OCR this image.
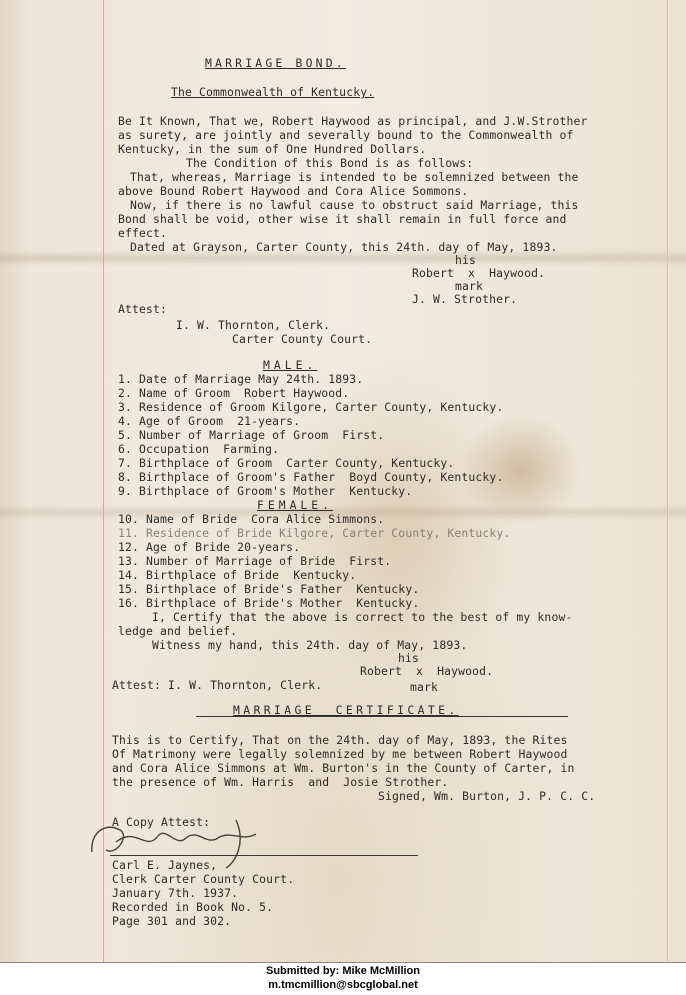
MARRIAGE BOND.
The Commonwealth of Kentucky.
Be It Known, That we, Robert Haywood as principal, and J.W.Strother
as surety, are jointly and severally bound to the Commonwealth of
Kentucky, in the sum of One Hundred Dollars.
The Condition of this Bond is as follows:
That, whereas, Marriage is intended to be solemnized between the
above Bound Robert Haywood and Cora Alice Sommons.
Now, if there is no lawful cause to obstruct said Marriage, this
Bond shall be void, other wise it shall remain in full force and
effect.
Dated at Grayson, Carter County, this 24th. day of May, 1893.
his
Robert  x  Haywood.
mark
J. W. Strother.
Attest:
I. W. Thornton, Clerk.
Carter County Court.
MALE.
1. Date of Marriage May 24th. 1893.
2. Name of Groom  Robert Haywood.
3. Residence of Groom Kilgore, Carter County, Kentucky.
4. Age of Groom  21-years.
5. Number of Marriage of Groom  First.
6. Occupation  Farming.
7. Birthplace of Groom  Carter County, Kentucky.
8. Birthplace of Groom's Father  Boyd County, Kentucky.
9. Birthplace of Groom's Mother  Kentucky.
FEMALE.
10. Name of Bride  Cora Alice Simmons.
11. Residence of Bride Kilgore, Carter County, Kentucky.
12. Age of Bride 20-years.
13. Number of Marriage of Bride  First.
14. Birthplace of Bride  Kentucky.
15. Birthplace of Bride's Father  Kentucky.
16. Birthplace of Bride's Mother  Kentucky.
I, Certify that the above is correct to the best of my know-
ledge and belief.
Witness my hand, this 24th. day of May, 1893.
his
Robert  x  Haywood.
Attest: I. W. Thornton, Clerk.	mark
MARRIAGE  CERTIFICATE.
This is to Certify, That on the 24th. day of May, 1893, the Rites
Of Matrimony were legally solemnized by me between Robert Haywood
and Cora Alice Simmons at Wm. Burton's in the County of Carter, in
the presence of Wm. Harris  and  Josie Strother.
Signed, Wm. Burton, J. P. C. C.
A Copy Attest:
Carl E. Jaynes,
Clerk Carter County Court.
January 7th. 1937.
Recorded in Book No. 5.
Page 301 and 302.
Submitted by: Mike McMillion
m.tmcmillion@sbcglobal.net
